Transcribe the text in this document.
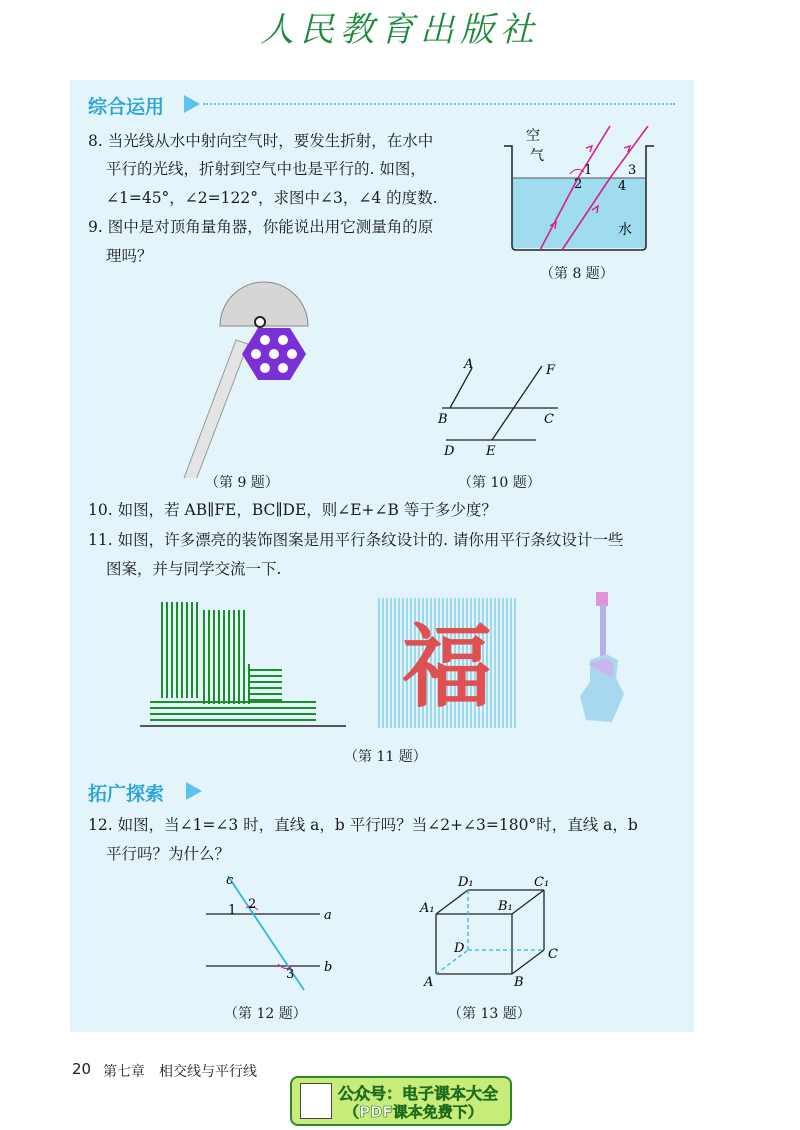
人民教育出版社
综合运用
8. 当光线从水中射向空气时，要发生折射，在水中
平行的光线，折射到空气中也是平行的. 如图，
∠1=45°，∠2=122°，求图中∠3，∠4 的度数.
9. 图中是对顶角量角器，你能说出用它测量角的原
理吗？
空
气
水
1
2
3
4
（第 8 题）
（第 9 题）
A	F
B	C
D E
（第 10 题）
10. 如图，若 AB∥FE，BC∥DE，则∠E+∠B 等于多少度？
11. 如图，许多漂亮的装饰图案是用平行条纹设计的. 请你用平行条纹设计一些
图案，并与同学交流一下.
福
（第 11 题）
拓广探索
12. 如图，当∠1=∠3 时，直线 a，b 平行吗？当∠2+∠3=180°时，直线 a，b
平行吗？为什么？
c
a
b
1 2
3
（第 12 题）
D₁	C₁
A₁	B₁
D	C
A	B
（第 13 题）
20 第七章　相交线与平行线
公众号：电子课本大全
（PDF课本免费下）
